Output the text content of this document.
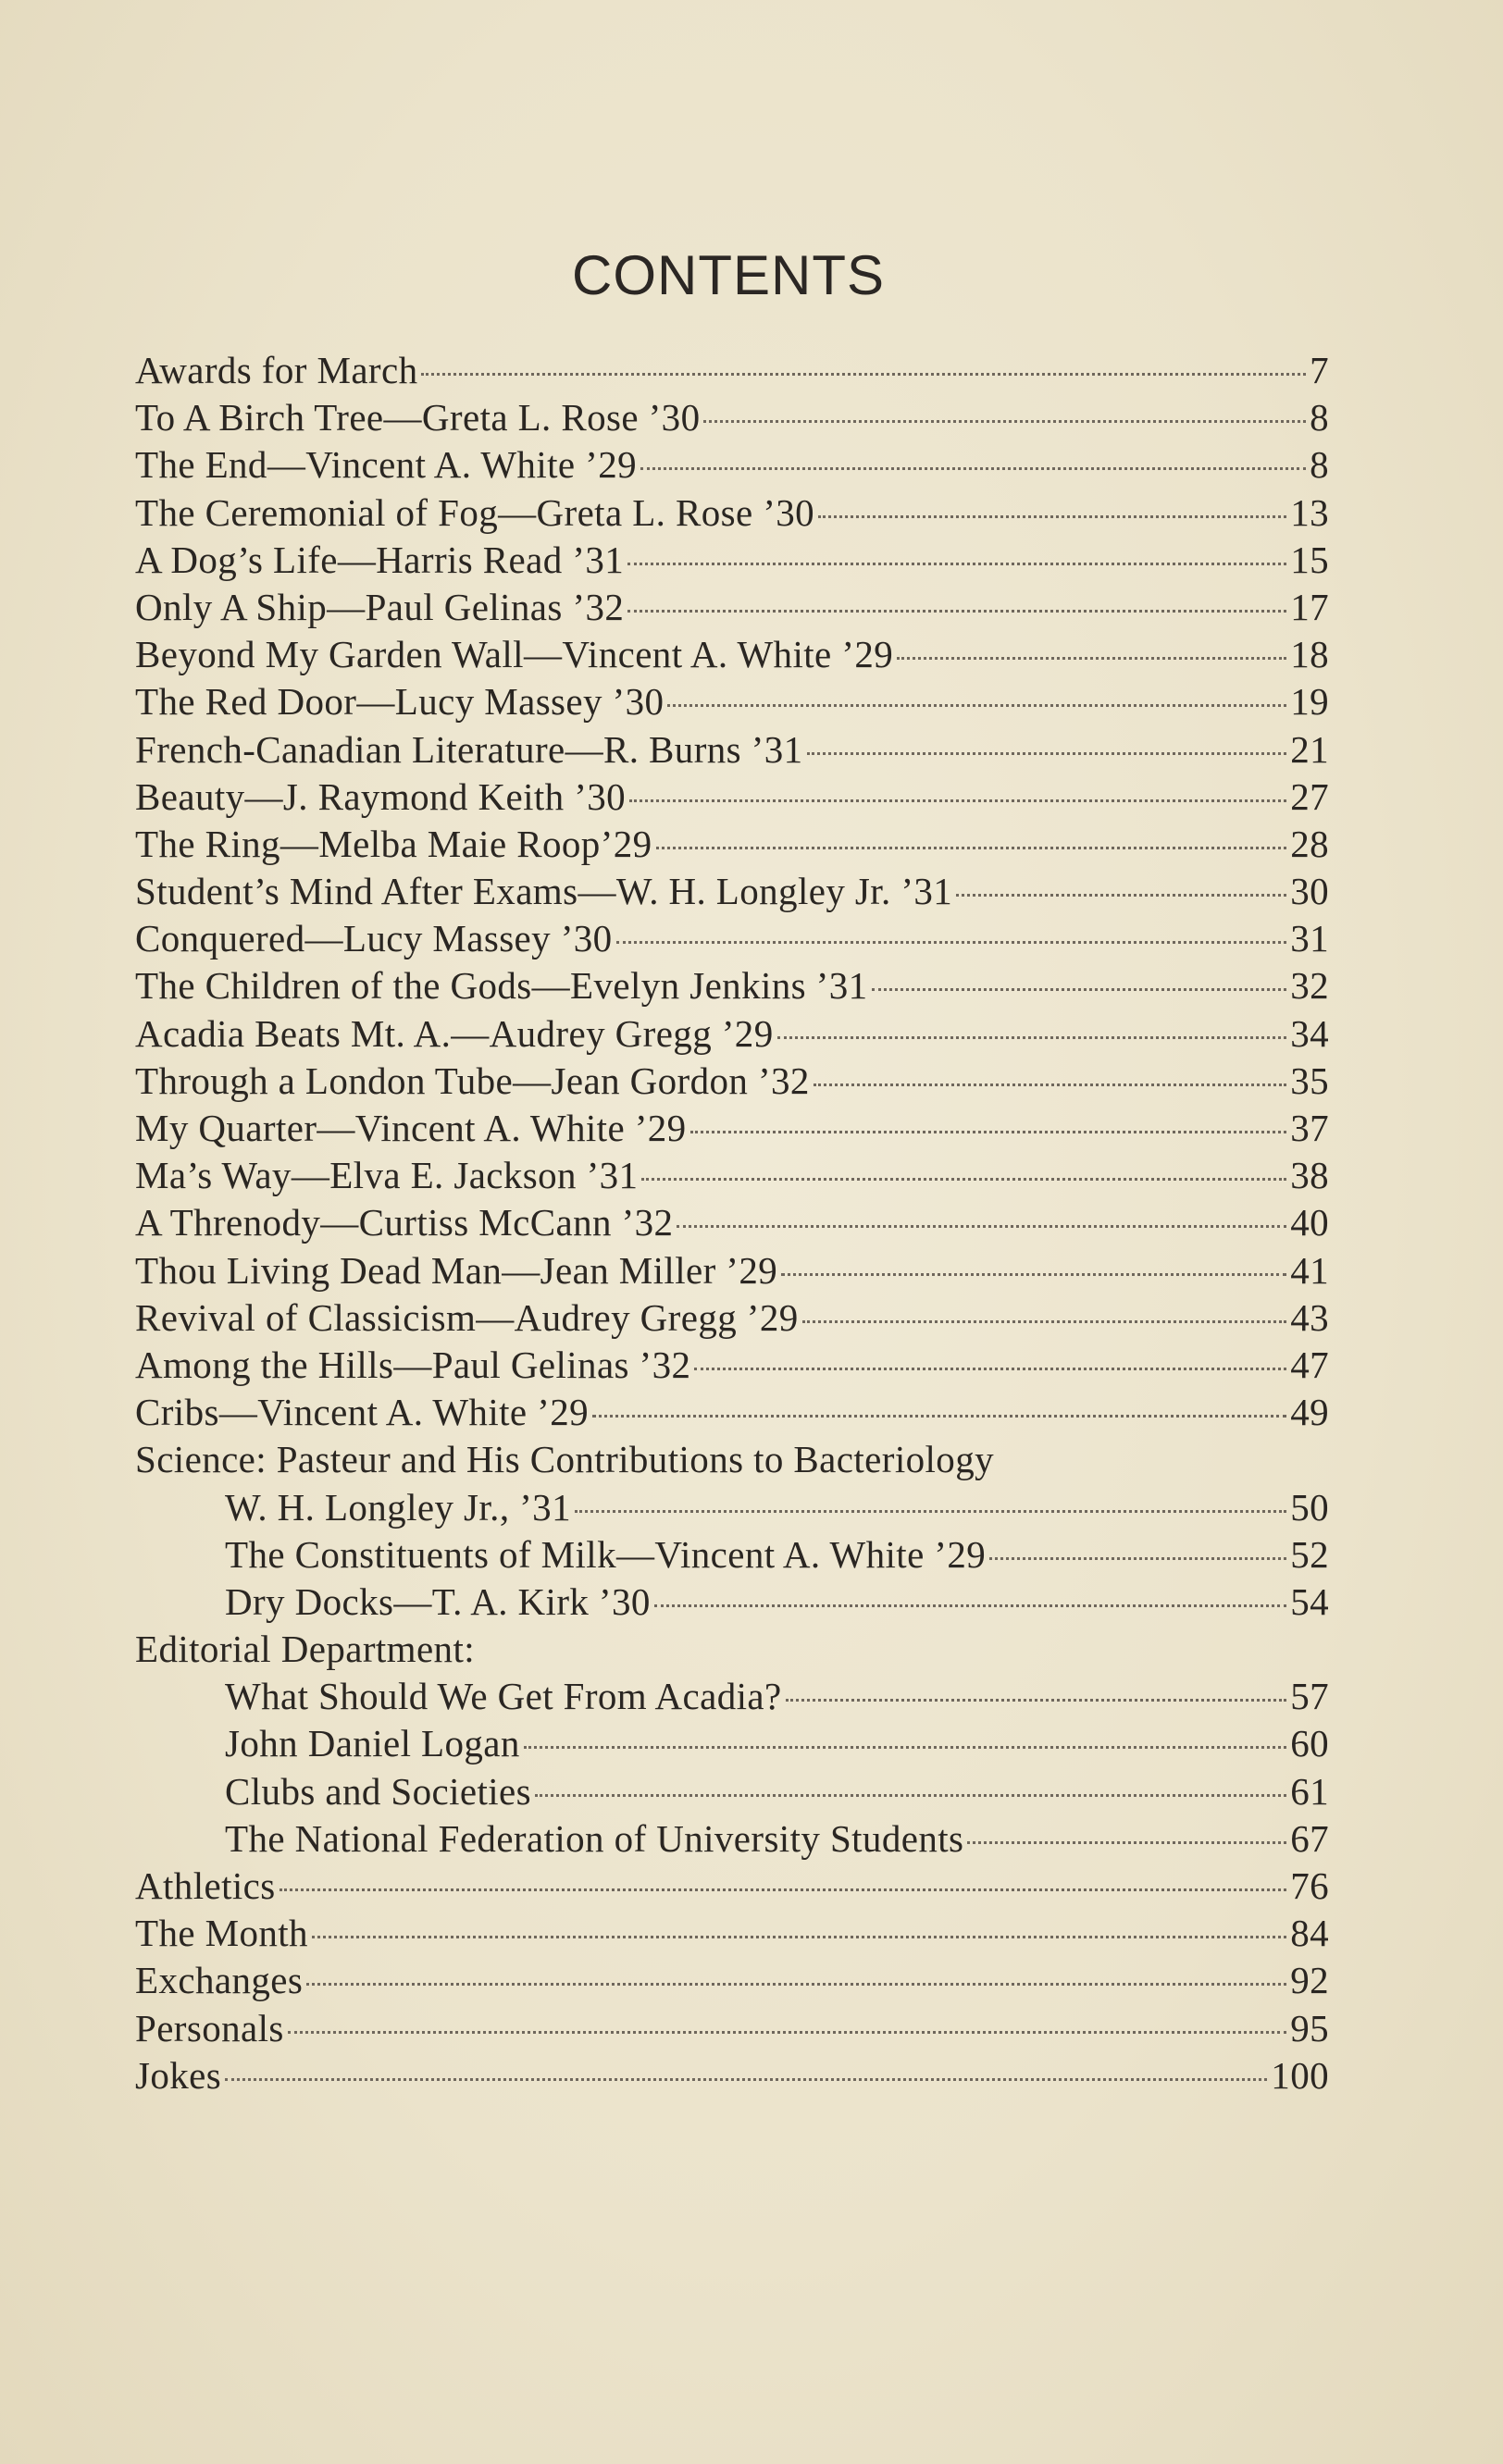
CONTENTS
Awards for March	7
To A Birch Tree—Greta L. Rose ’30	8
The End—Vincent A. White ’29	8
The Ceremonial of Fog—Greta L. Rose ’30	13
A Dog’s Life—Harris Read ’31	15
Only A Ship—Paul Gelinas ’32	17
Beyond My Garden Wall—Vincent A. White ’29	18
The Red Door—Lucy Massey ’30	19
French-Canadian Literature—R. Burns ’31	21
Beauty—J. Raymond Keith ’30	27
The Ring—Melba Maie Roop’29	28
Student’s Mind After Exams—W. H. Longley Jr. ’31	30
Conquered—Lucy Massey ’30	31
The Children of the Gods—Evelyn Jenkins ’31	32
Acadia Beats Mt. A.—Audrey Gregg ’29	34
Through a London Tube—Jean Gordon ’32	35
My Quarter—Vincent A. White ’29	37
Ma’s Way—Elva E. Jackson ’31	38
A Threnody—Curtiss McCann ’32	40
Thou Living Dead Man—Jean Miller ’29	41
Revival of Classicism—Audrey Gregg ’29	43
Among the Hills—Paul Gelinas ’32	47
Cribs—Vincent A. White ’29	49
Science: Pasteur and His Contributions to Bacteriology
W. H. Longley Jr., ’31	50
The Constituents of Milk—Vincent A. White ’29	52
Dry Docks—T. A. Kirk ’30	54
Editorial Department:
What Should We Get From Acadia?	57
John Daniel Logan	60
Clubs and Societies	61
The National Federation of University Students	67
Athletics	76
The Month	84
Exchanges	92
Personals	95
Jokes	100
